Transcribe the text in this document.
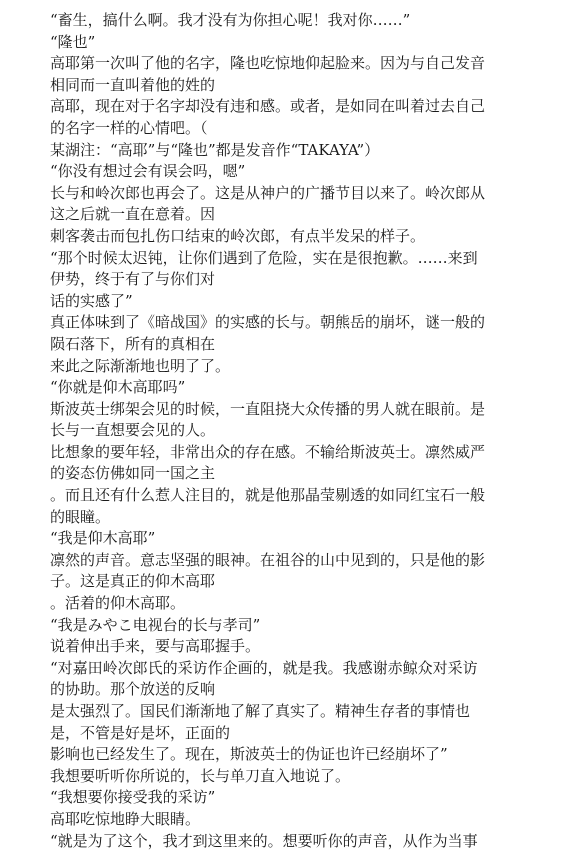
“畜生，搞什么啊。我才没有为你担心呢！我对你……”
“隆也”
高耶第一次叫了他的名字，隆也吃惊地仰起脸来。因为与自己发音
相同而一直叫着他的姓的
高耶，现在对于名字却没有违和感。或者，是如同在叫着过去自己
的名字一样的心情吧。（
某湖注：“高耶”与“隆也”都是发音作“TAKAYA”）
“你没有想过会有误会吗，嗯”
长与和岭次郎也再会了。这是从神户的广播节目以来了。岭次郎从
这之后就一直在意着。因
刺客袭击而包扎伤口结束的岭次郎，有点半发呆的样子。
“那个时候太迟钝，让你们遇到了危险，实在是很抱歉。……来到
伊势，终于有了与你们对
话的实感了”
真正体味到了《暗战国》的实感的长与。朝熊岳的崩坏，谜一般的
陨石落下，所有的真相在
来此之际渐渐地也明了了。
“你就是仰木高耶吗”
斯波英士绑架会见的时候，一直阻挠大众传播的男人就在眼前。是
长与一直想要会见的人。
比想象的要年轻，非常出众的存在感。不输给斯波英士。凛然威严
的姿态仿佛如同一国之主
。而且还有什么惹人注目的，就是他那晶莹剔透的如同红宝石一般
的眼瞳。
“我是仰木高耶”
凛然的声音。意志坚强的眼神。在祖谷的山中见到的，只是他的影
子。这是真正的仰木高耶
。活着的仰木高耶。
“我是みやこ电视台的长与孝司”
说着伸出手来，要与高耶握手。
“对嘉田岭次郎氏的采访作企画的，就是我。我感谢赤鲸众对采访
的协助。那个放送的反响
是太强烈了。国民们渐渐地了解了真实了。精神生存者的事情也
是，不管是好是坏，正面的
影响也已经发生了。现在，斯波英士的伪证也许已经崩坏了”
我想要听听你所说的，长与单刀直入地说了。
“我想要你接受我的采访”
高耶吃惊地睁大眼睛。
“就是为了这个，我才到这里来的。想要听你的声音，从作为当事
